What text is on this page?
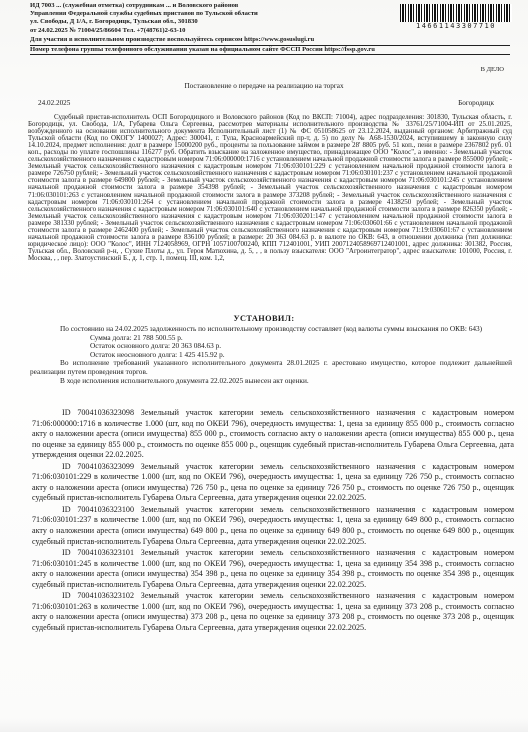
ИД 7003 ... (служебная отметка) сотрудникам ... и Воловского районов
Управления Федеральной службы судебных приставов по Тульской области
ул. Свободы, Д 1/А, г. Богородицк, Тульская обл., 301830
от 24.02.2025 № 71004/25/86604 Тел. +7(48761)2-63-10
14661143307710
Для участия в исполнительном производстве воспользуйтесь сервисом https://www.gosuslugi.ru
Номер телефона группы телефонного обслуживания указан на официальном сайте ФССП России https://fssp.gov.ru
В ДЕЛО
Постановление о передаче на реализацию на торгах
24.02.2025	Богородицк

Судебный пристав-исполнитель ОСП Богородицкого и Воловского районов (Код по ВКСП: 71004), адрес подразделения: 301830, Тульская область, г. Богородицк, ул. Свобода, 1/А, Губарева Ольга Сергеевна, рассмотрев материалы исполнительного производства № 33761/25/71004-ИП от 25.01.2025, возбужденного на основании исполнительного документа Исполнительный лист (1) № ФС 051058625 от 23.12.2024, выданный органом: Арбитражный суд Тульской области (Код по ОКОГУ 1400027; Адрес: 300041, г. Тула, Красноармейский пр-т, д. 5) по делу № А68-1530/2024, вступившему в законную силу 14.10.2024, предмет исполнения: долг в размере 15000200 руб., проценты за пользование займом в размере 28' 8805 руб. 51 коп., пени в размере 2367802 руб. 01 коп., расходы по уплате госпошлины 116277 руб. Обратить взыскание на заложенное имущество, принадлежащее ООО "Колос", а именно: - Земельный участок сельскохозяйственного назначения с кадастровым номером 71:06:000000:1716 с установлением начальной продажной стоимости залога в размере 855000 рублей; - Земельный участок сельскохозяйственного назначения с кадастровым номером 71:06:030101:229 с установлением начальной продажной стоимости залога в размере 726750 рублей; - Земельный участок сельскохозяйственного назначения с кадастровым номером 71:06:030101:237 с установлением начальной продажной стоимости залога в размере 649800 рублей; - Земельный участок сельскохозяйственного назначения с кадастровым номером 71:06:030101:245 с установлением начальной продажной стоимости залога в размере 354398 рублей; - Земельный участок сельскохозяйственного назначения с кадастровым номером 71:06:030101:263 с установлением начальной продажной стоимости залога в размере 373208 рублей; - Земельный участок сельскохозяйственного назначения с кадастровым номером 71:06:030101:264 с установлением начальной продажной стоимости залога в размере 4138250 рублей; - Земельный участок сельскохозяйственного назначения с кадастровым номером 71:06:030101:640 с установлением начальной продажной стоимости залога в размере 826350 рублей; - Земельный участок сельскохозяйственного назначения с кадастровым номером 71:06:030201:147 с установлением начальной продажной стоимости залога в размере 381330 рублей; - Земельный участок сельскохозяйственного назначения с кадастровым номером 71:06:030601:66 с установлением начальной продажной стоимости залога в размере 2462400 рублей; - Земельный участок сельскохозяйственного назначения с кадастровым номером 71:19:030601:67 с установлением начальной продажной стоимости залога в размере 836100 рублей; в размере: 20 363 084.63 р. в валюте по ОКВ: 643, в отношении должника (тип должника: юридическое лицо): ООО "Колос", ИНН 7124058969, ОГРН 1057100700240, КПП 712401001, УИП 2007124058969712401001, адрес должника: 301382, Россия, Тульская обл., Воловский р-н, , Сухие Плоты д., ул. Героя Матюхина, д. 5, , , в пользу взыскателя: ООО "Агроинтегратор", адрес взыскателя: 101000, Россия, г. Москва, , , пер. Златоустинский Б., д. 1, стр. 1, помещ. III, ком. 1,2,

УСТАНОВИЛ:

По состоянию на 24.02.2025 задолженность по исполнительному производству составляет (код валюты суммы взыскания по ОКВ: 643)

Сумма долга: 21 788 500.55 р.

Остаток основного долга: 20 363 084.63 р.

Остаток неосновного долга: 1 425 415.92 р.

Во исполнение требований указанного исполнительного документа 28.01.2025 г. арестовано имущество, которое подлежит дальнейшей реализации путем проведения торгов.

В ходе исполнения исполнительного документа 22.02.2025 вынесен акт оценки.

ID 70041036323098 Земельный участок категории земель сельскохозяйственного назначения с кадастровым номером 71:06:000000:1716 в количестве 1.000 (шт, код по ОКЕИ 796), очередность имущества: 1, цена за единицу 855 000 р., стоимость согласно акту о наложении ареста (описи имущества) 855 000 р., стоимость согласно акту о наложении ареста (описи имущества) 855 000 р., цена по оценке за единицу 855 000 р., стоимость по оценке 855 000 р., оценщик судебный пристав-исполнитель Губарева Ольга Сергеевна, дата утверждения оценки 22.02.2025.

ID 70041036323099 Земельный участок категории земель сельскохозяйственного назначения с кадастровым номером 71:06:030101:229 в количестве 1.000 (шт, код по ОКЕИ 796), очередность имущества: 1, цена за единицу 726 750 р., стоимость согласно акту о наложении ареста (описи имущества) 726 750 р., цена по оценке за единицу 726 750 р., стоимость по оценке 726 750 р., оценщик судебный пристав-исполнитель Губарева Ольга Сергеевна, дата утверждения оценки 22.02.2025.

ID 70041036323100 Земельный участок категории земель сельскохозяйственного назначения с кадастровым номером 71:06:030101:237 в количестве 1.000 (шт, код по ОКЕИ 796), очередность имущества: 1, цена за единицу 649 800 р., стоимость согласно акту о наложении ареста (описи имущества) 649 800 р., цена по оценке за единицу 649 800 р., стоимость по оценке 649 800 р., оценщик судебный пристав-исполнитель Губарева Ольга Сергеевна, дата утверждения оценки 22.02.2025.

ID 70041036323101 Земельный участок категории земель сельскохозяйственного назначения с кадастровым номером 71:06:030101:245 в количестве 1.000 (шт, код по ОКЕИ 796), очередность имущества: 1, цена за единицу 354 398 р., стоимость согласно акту о наложении ареста (описи имущества) 354 398 р., цена по оценке за единицу 354 398 р., стоимость по оценке 354 398 р., оценщик судебный пристав-исполнитель Губарева Ольга Сергеевна, дата утверждения оценки 22.02.2025.

ID 70041036323102 Земельный участок категории земель сельскохозяйственного назначения с кадастровым номером 71:06:030101:263 в количестве 1.000 (шт, код по ОКЕИ 796), очередность имущества: 1, цена за единицу 373 208 р., стоимость согласно акту о наложении ареста (описи имущества) 373 208 р., цена по оценке за единицу 373 208 р., стоимость по оценке 373 208 р., оценщик судебный пристав-исполнитель Губарева Ольга Сергеевна, дата утверждения оценки 22.02.2025.
